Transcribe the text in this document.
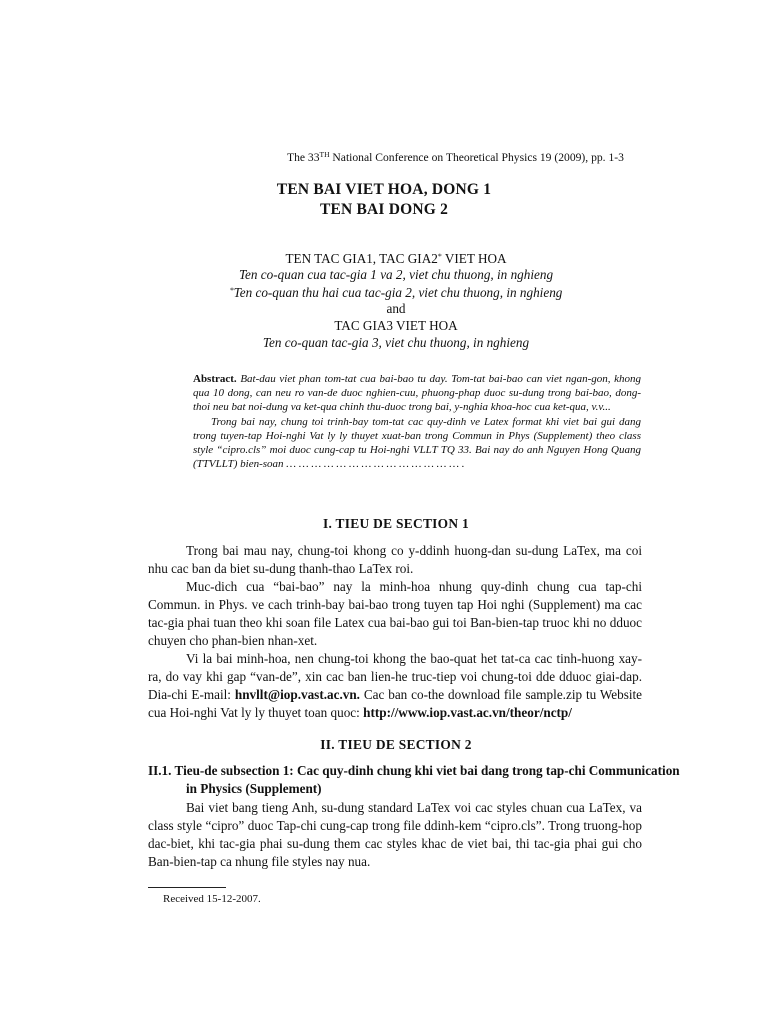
The 33TH National Conference on Theoretical Physics 19 (2009), pp. 1-3
TEN BAI VIET HOA, DONG 1
TEN BAI DONG 2
TEN TAC GIA1, TAC GIA2* VIET HOA
Ten co-quan cua tac-gia 1 va 2, viet chu thuong, in nghieng
*Ten co-quan thu hai cua tac-gia 2, viet chu thuong, in nghieng
and
TAC GIA3 VIET HOA
Ten co-quan tac-gia 3, viet chu thuong, in nghieng
Abstract. Bat-dau viet phan tom-tat cua bai-bao tu day. Tom-tat bai-bao can viet ngan-gon, khong qua 10 dong, can neu ro van-de duoc nghien-cuu, phuong-phap duoc su-dung trong bai-bao, dong-thoi neu bat noi-dung va ket-qua chinh thu-duoc trong bai, y-nghia khoa-hoc cua ket-qua, v.v...
Trong bai nay, chung toi trinh-bay tom-tat cac quy-dinh ve Latex format khi viet bai gui dang trong tuyen-tap Hoi-nghi Vat ly ly thuyet xuat-ban trong Commun in Phys (Supplement) theo class style “cipro.cls” moi duoc cung-cap tu Hoi-nghi VLLT TQ 33. Bai nay do anh Nguyen Hong Quang (TTVLLT) bien-soan … … … … … … … … … … … … … … .
I. TIEU DE SECTION 1

Trong bai mau nay, chung-toi khong co y-ddinh huong-dan su-dung LaTex, ma coi nhu cac ban da biet su-dung thanh-thao LaTex roi.

Muc-dich cua “bai-bao” nay la minh-hoa nhung quy-dinh chung cua tap-chi Commun. in Phys. ve cach trinh-bay bai-bao trong tuyen tap Hoi nghi (Supplement) ma cac tac-gia phai tuan theo khi soan file Latex cua bai-bao gui toi Ban-bien-tap truoc khi no dduoc chuyen cho phan-bien nhan-xet.

Vi la bai minh-hoa, nen chung-toi khong the bao-quat het tat-ca cac tinh-huong xay-ra, do vay khi gap “van-de”, xin cac ban lien-he truc-tiep voi chung-toi dde dduoc giai-dap. Dia-chi E-mail: hnvllt@iop.vast.ac.vn. Cac ban co-the download file sample.zip tu Website cua Hoi-nghi Vat ly ly thuyet toan quoc: http://www.iop.vast.ac.vn/theor/nctp/

II. TIEU DE SECTION 2
II.1. Tieu-de subsection 1: Cac quy-dinh chung khi viet bai dang trong tap-chi Communication in Physics (Supplement)

Bai viet bang tieng Anh, su-dung standard LaTex voi cac styles chuan cua LaTex, va class style “cipro” duoc Tap-chi cung-cap trong file ddinh-kem “cipro.cls”. Trong truong-hop dac-biet, khi tac-gia phai su-dung them cac styles khac de viet bai, thi tac-gia phai gui cho Ban-bien-tap ca nhung file styles nay nua.

Received 15-12-2007.
